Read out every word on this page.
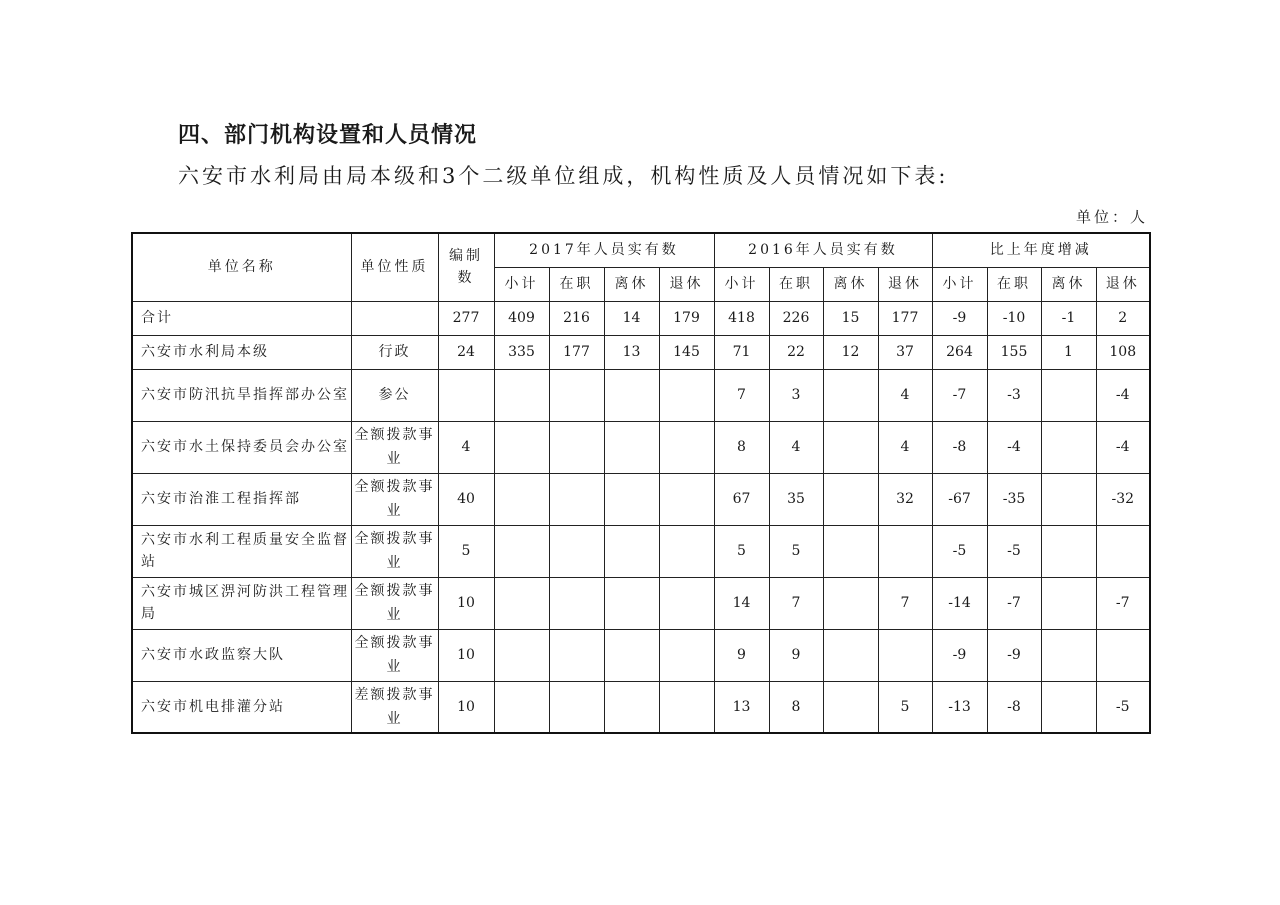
四、部门机构设置和人员情况
六安市水利局由局本级和3个二级单位组成，机构性质及人员情况如下表:
单位：人
单位名称	单位性质	编制数	2017年人员实有数				2016年人员实有数				比上年度增减			
			小计	在职	离休	退休	小计	在职	离休	退休	小计	在职	离休	退休
合计		277	409	216	14	179	418	226	15	177	-9	-10	-1	2
六安市水利局本级	行政	24	335	177	13	145	71	22	12	37	264	155	1	108
六安市防汛抗旱指挥部办公室	参公						7	3		4	-7	-3		-4
六安市水土保持委员会办公室	全额拨款事业	4					8	4		4	-8	-4		-4
六安市治淮工程指挥部	全额拨款事业	40					67	35		32	-67	-35		-32
六安市水利工程质量安全监督站	全额拨款事业	5					5	5			-5	-5		
六安市城区淠河防洪工程管理局	全额拨款事业	10					14	7		7	-14	-7		-7
六安市水政监察大队	全额拨款事业	10					9	9			-9	-9		
六安市机电排灌分站	差额拨款事业	10					13	8		5	-13	-8		-5
